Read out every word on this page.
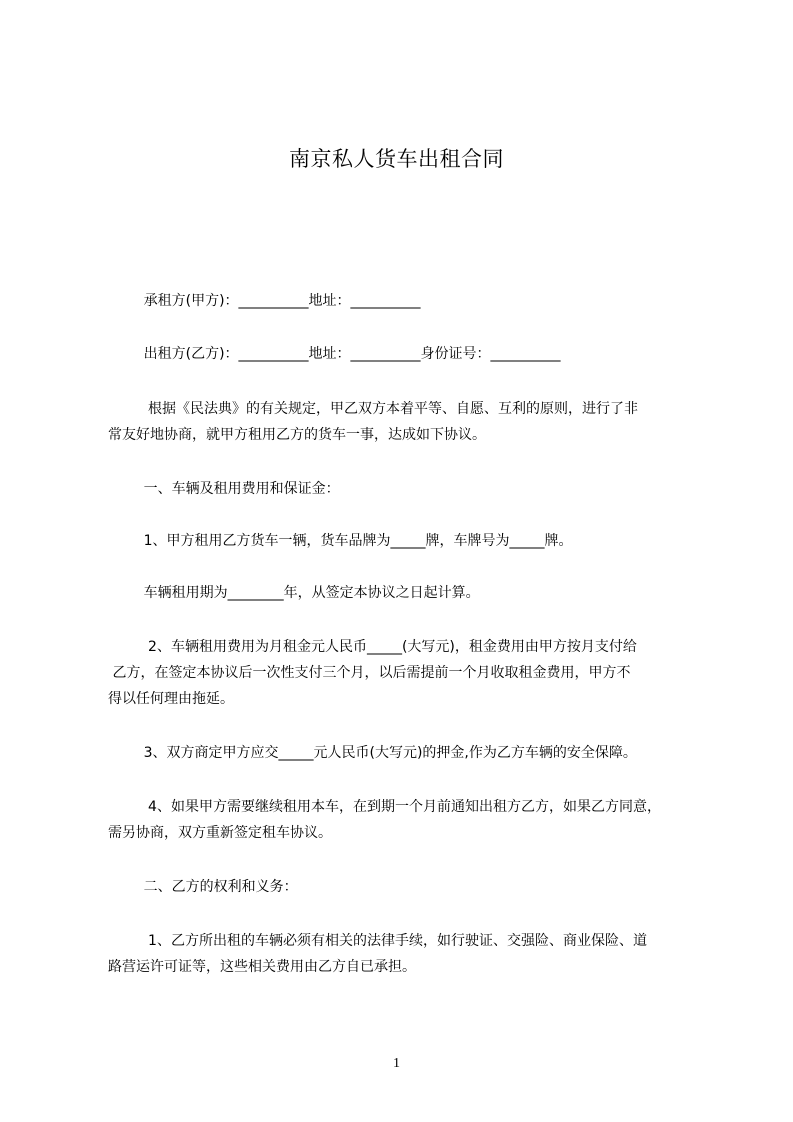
南京私人货车出租合同
承租方(甲方)：__________地址：__________
出租方(乙方)：__________地址：__________身份证号：__________
根据《民法典》的有关规定，甲乙双方本着平等、自愿、互利的原则，进行了非
常友好地协商，就甲方租用乙方的货车一事，达成如下协议。
一、车辆及租用费用和保证金：
1、甲方租用乙方货车一辆，货车品牌为_____牌，车牌号为_____牌。
车辆租用期为________年，从签定本协议之日起计算。
2、车辆租用费用为月租金元人民币_____(大写元)，租金费用由甲方按月支付给
乙方，在签定本协议后一次性支付三个月，以后需提前一个月收取租金费用，甲方不
得以任何理由拖延。
3、双方商定甲方应交_____元人民币(大写元)的押金,作为乙方车辆的安全保障。
4、如果甲方需要继续租用本车，在到期一个月前通知出租方乙方，如果乙方同意，
需另协商，双方重新签定租车协议。
二、乙方的权利和义务：
1、乙方所出租的车辆必须有相关的法律手续，如行驶证、交强险、商业保险、道
路营运许可证等，这些相关费用由乙方自已承担。
1
